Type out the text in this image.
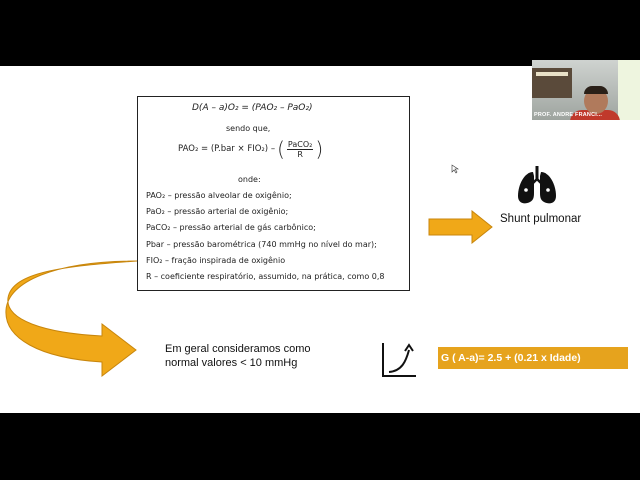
PROF. ANDRE FRANCI...
D(A – a)O₂ = (PAO₂ – PaO₂)
sendo que,
PAO₂ = (P.bar × FIO₂) – ( $\frac{\text{PaCO₂}}{R}$ )
onde:
PAO₂ – pressão alveolar de oxigênio;
PaO₂ – pressão arterial de oxigênio;
PaCO₂ – pressão arterial de gás carbônico;
Pbar – pressão barométrica (740 mmHg no nível do mar);
FIO₂ – fração inspirada de oxigênio
R – coeficiente respiratório, assumido, na prática, como 0,8
Shunt pulmonar
Em geral consideramos como normal valores < 10 mmHg	G ( A-a)= 2.5 + (0.21 x Idade)
